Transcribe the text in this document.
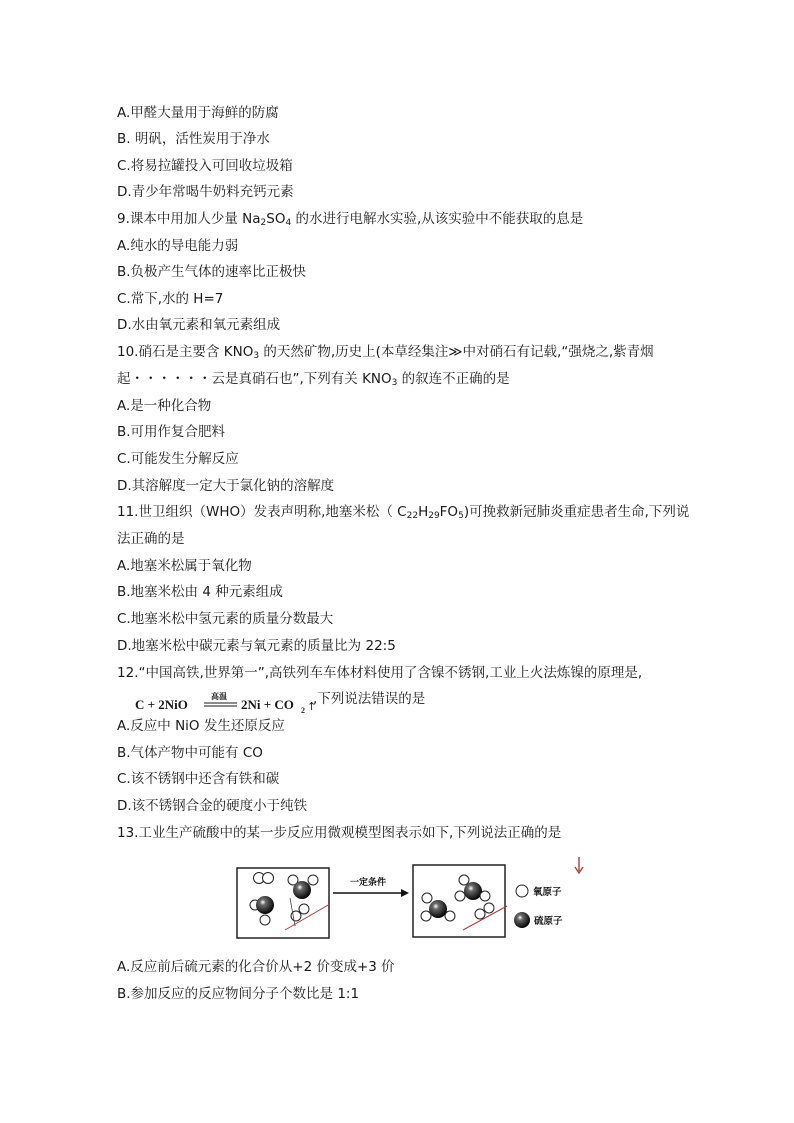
A.甲醛大量用于海鲜的防腐
B. 明矾，活性炭用于净水
C.将易拉罐投入可回收垃圾箱
D.青少年常喝牛奶料充钙元素
9.课本中用加人少量 $Na_2SO_4$ 的水进行电解水实验,从该实验中不能获取的息是
A.纯水的导电能力弱
B.负极产生气体的速率比正极快
C.常下,水的 H=7
D.水由氧元素和氧元素组成
10.硝石是主要含 $KNO_3$ 的天然矿物,历史上(本草经集注≫中对硝石有记载,“强烧之,紫青烟
起・・・・・・云是真硝石也”,下列有关 $KNO_3$ 的叙连不正确的是
A.是一种化合物
B.可用作复合肥料
C.可能发生分解反应
D.其溶解度一定大于氯化钠的溶解度
11.世卫组织（WHO）发表声明称,地塞米松（ $C_{22}H_{29}FO_5$)可挽救新冠肺炎重症患者生命,下列说
法正确的是
A.地塞米松属于氧化物
B.地塞米松由 4 种元素组成
C.地塞米松中氢元素的质量分数最大
D.地塞米松中碳元素与氧元素的质量比为 22:5
12.“中国高铁,世界第一”,高铁列车车体材料使用了含镍不锈钢,工业上火法炼镍的原理是,
C + 2NiO
高温
2Ni + CO 2 ↑
,下列说法错误的是
A.反应中 NiO 发生还原反应
B.气体产物中可能有 CO
C.该不锈钢中还含有铁和碳
D.该不锈钢合金的硬度小于纯铁
13.工业生产硫酸中的某一步反应用微观模型图表示如下,下列说法正确的是
一定条件
氧原子
硫原子
A.反应前后硫元素的化合价从+2 价变成+3 价
B.参加反应的反应物间分子个数比是 1:1
